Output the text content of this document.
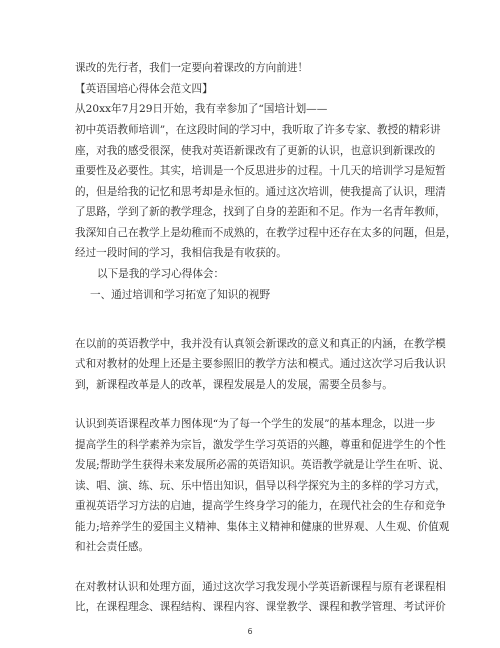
课改的先行者，我们一定要向着课改的方向前进！
【英语国培心得体会范文四】
从20xx年7月29日开始，我有幸参加了“国培计划——
初中英语教师培训”，在这段时间的学习中，我听取了许多专家、教授的精彩讲
座，对我的感受很深，使我对英语新课改有了更新的认识，也意识到新课改的
重要性及必要性。其实，培训是一个反思进步的过程。十几天的培训学习是短暂
的，但是给我的记忆和思考却是永恒的。通过这次培训，使我提高了认识，理清
了思路，学到了新的教学理念，找到了自身的差距和不足。作为一名青年教师，
我深知自己在教学上是幼稚而不成熟的，在教学过程中还存在太多的问题，但是，
经过一段时间的学习，我相信我是有收获的。
以下是我的学习心得体会：
一、通过培训和学习拓宽了知识的视野
在以前的英语教学中，我并没有认真领会新课改的意义和真正的内涵，在教学模
式和对教材的处理上还是主要参照旧的教学方法和模式。通过这次学习后我认识
到，新课程改革是人的改革，课程发展是人的发展，需要全员参与。
认识到英语课程改革力图体现“为了每一个学生的发展”的基本理念，以进一步
提高学生的科学素养为宗旨，激发学生学习英语的兴趣，尊重和促进学生的个性
发展;帮助学生获得未来发展所必需的英语知识。英语教学就是让学生在听、说、
读、唱、演、练、玩、乐中悟出知识，倡导以科学探究为主的多样的学习方式，
重视英语学习方法的启迪，提高学生终身学习的能力，在现代社会的生存和竞争
能力;培养学生的爱国主义精神、集体主义精神和健康的世界观、人生观、价值观
和社会责任感。
在对教材认识和处理方面，通过这次学习我发现小学英语新课程与原有老课程相
比，在课程理念、课程结构、课程内容、课堂教学、课程和教学管理、考试评价
6
